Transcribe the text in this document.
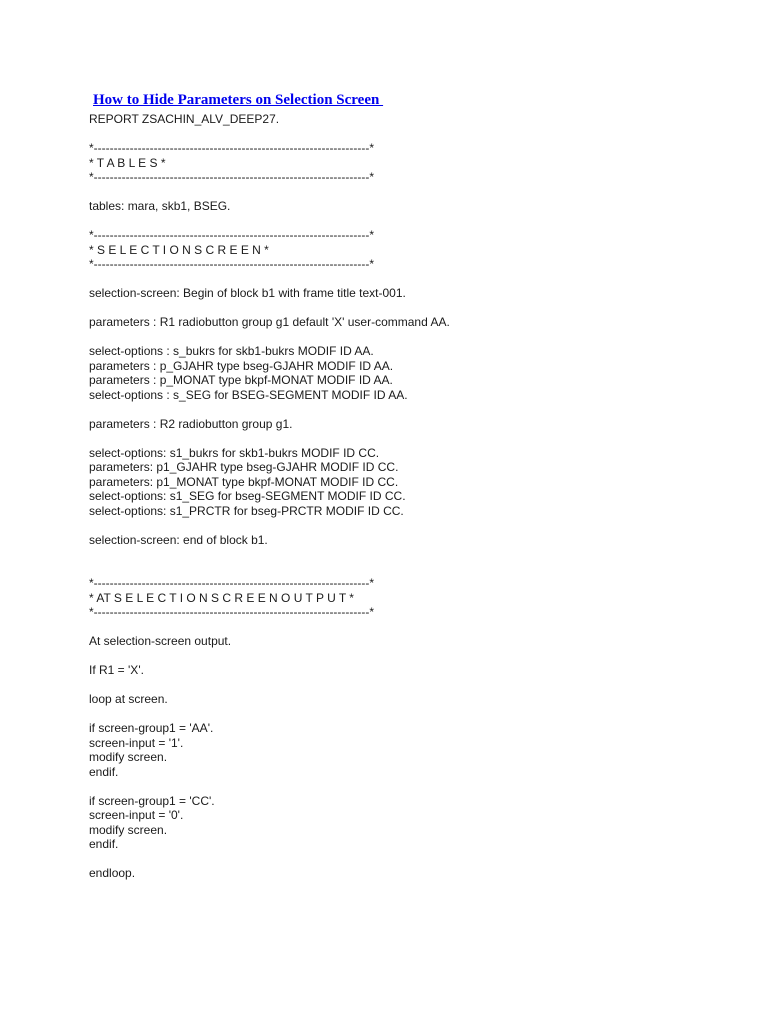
How to Hide Parameters on Selection Screen
REPORT ZSACHIN_ALV_DEEP27.

*---------------------------------------------------------------------*
* T A B L E S *
*---------------------------------------------------------------------*

tables: mara, skb1, BSEG.

*---------------------------------------------------------------------*
* S E L E C T I O N S C R E E N *
*---------------------------------------------------------------------*

selection-screen: Begin of block b1 with frame title text-001.

parameters : R1 radiobutton group g1 default 'X' user-command AA.

select-options : s_bukrs for skb1-bukrs MODIF ID AA.
parameters : p_GJAHR type bseg-GJAHR MODIF ID AA.
parameters : p_MONAT type bkpf-MONAT MODIF ID AA.
select-options : s_SEG for BSEG-SEGMENT MODIF ID AA.

parameters : R2 radiobutton group g1.

select-options: s1_bukrs for skb1-bukrs MODIF ID CC.
parameters: p1_GJAHR type bseg-GJAHR MODIF ID CC.
parameters: p1_MONAT type bkpf-MONAT MODIF ID CC.
select-options: s1_SEG for bseg-SEGMENT MODIF ID CC.
select-options: s1_PRCTR for bseg-PRCTR MODIF ID CC.

selection-screen: end of block b1.

*---------------------------------------------------------------------*
* AT S E L E C T I O N S C R E E N O U T P U T *
*---------------------------------------------------------------------*

At selection-screen output.

If R1 = 'X'.

loop at screen.

if screen-group1 = 'AA'.
screen-input = '1'.
modify screen.
endif.

if screen-group1 = 'CC'.
screen-input = '0'.
modify screen.
endif.

endloop.
